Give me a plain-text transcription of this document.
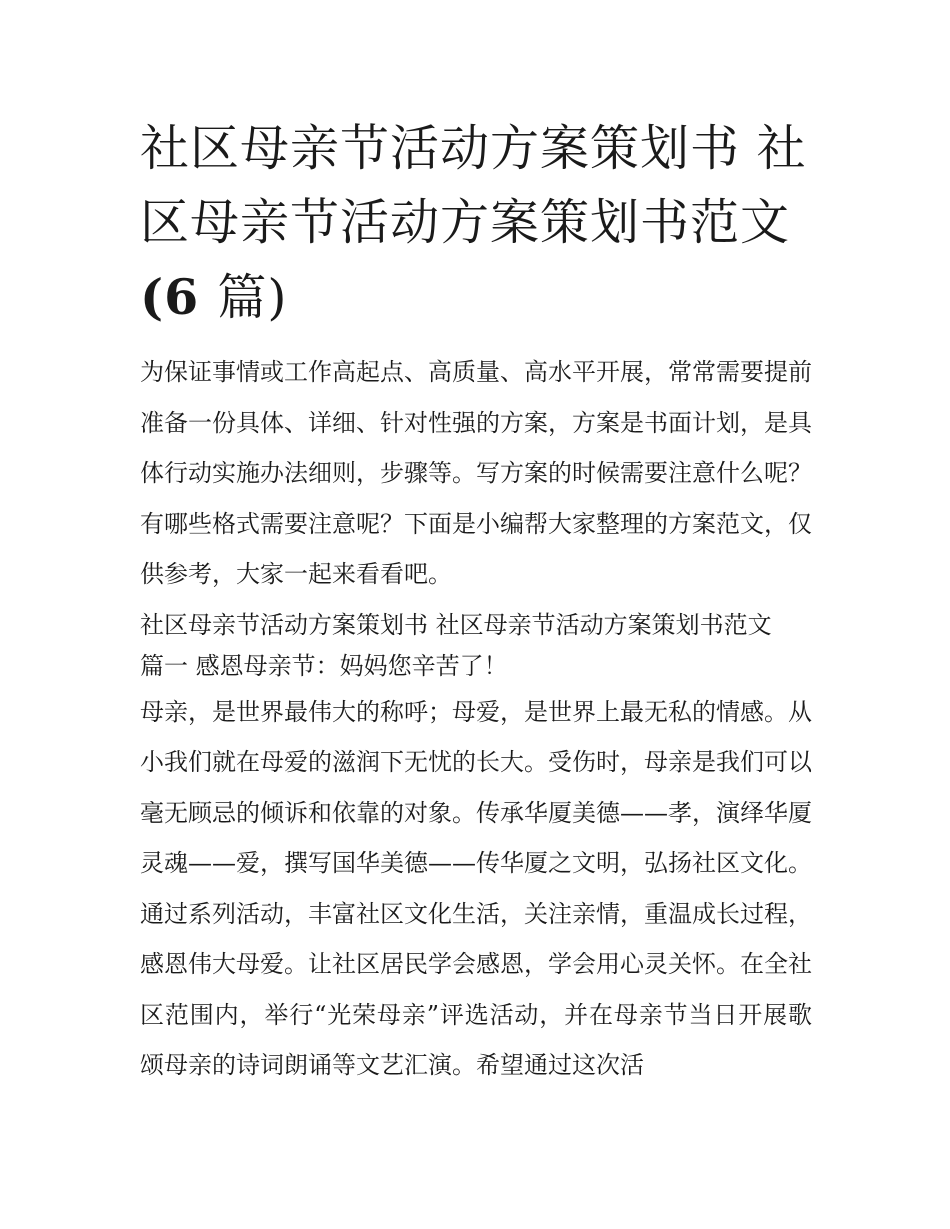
社区母亲节活动方案策划书 社
区母亲节活动方案策划书范文
(6 篇)

为保证事情或工作高起点、高质量、高水平开展，常常需要提前准备一份具体、详细、针对性强的方案，方案是书面计划，是具体行动实施办法细则，步骤等。写方案的时候需要注意什么呢？有哪些格式需要注意呢？下面是小编帮大家整理的方案范文，仅供参考，大家一起来看看吧。

社区母亲节活动方案策划书 社区母亲节活动方案策划书范文

篇一 感恩母亲节：妈妈您辛苦了！

母亲，是世界最伟大的称呼；母爱，是世界上最无私的情感。从小我们就在母爱的滋润下无忧的长大。受伤时，母亲是我们可以毫无顾忌的倾诉和依靠的对象。传承华厦美德——孝，演绎华厦灵魂——爱，撰写国华美德——传华厦之文明，弘扬社区文化。通过系列活动，丰富社区文化生活，关注亲情，重温成长过程，感恩伟大母爱。让社区居民学会感恩，学会用心灵关怀。在全社区范围内，举行“光荣母亲”评选活动，并在母亲节当日开展歌颂母亲的诗词朗诵等文艺汇演。希望通过这次活
